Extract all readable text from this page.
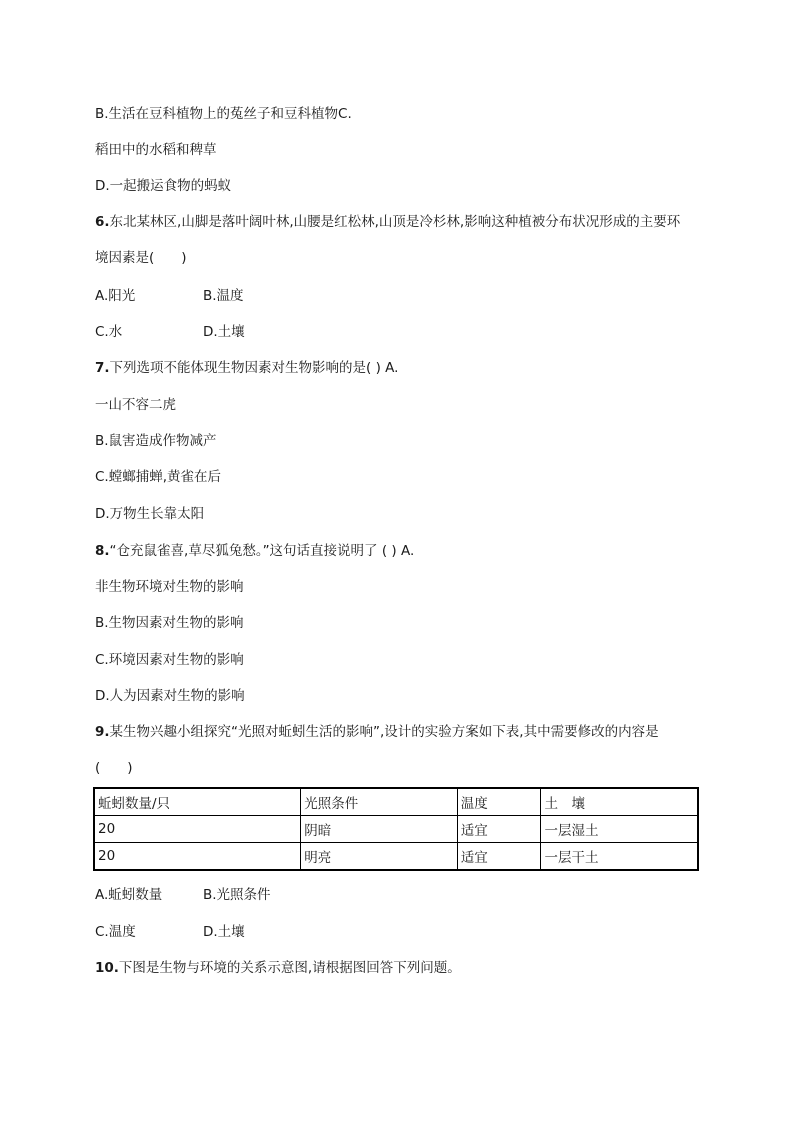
B.生活在豆科植物上的菟丝子和豆科植物C.
稻田中的水稻和稗草
D.一起搬运食物的蚂蚁
6.东北某林区,山脚是落叶阔叶林,山腰是红松林,山顶是冷杉林,影响这种植被分布状况形成的主要环
境因素是(　　)
A.阳光	B.温度
C.水	D.土壤
7.下列选项不能体现生物因素对生物影响的是( ) A.
一山不容二虎
B.鼠害造成作物减产
C.螳螂捕蝉,黄雀在后
D.万物生长靠太阳
8.“仓充鼠雀喜,草尽狐兔愁。”这句话直接说明了 ( ) A.
非生物环境对生物的影响
B.生物因素对生物的影响
C.环境因素对生物的影响
D.人为因素对生物的影响
9.某生物兴趣小组探究“光照对蚯蚓生活的影响”,设计的实验方案如下表,其中需要修改的内容是
(　　)
蚯蚓数量/只	光照条件	温度	土　壤
20	阴暗	适宜	一层湿土
20	明亮	适宜	一层干土
A.蚯蚓数量	B.光照条件
C.温度	D.土壤
10.下图是生物与环境的关系示意图,请根据图回答下列问题。
